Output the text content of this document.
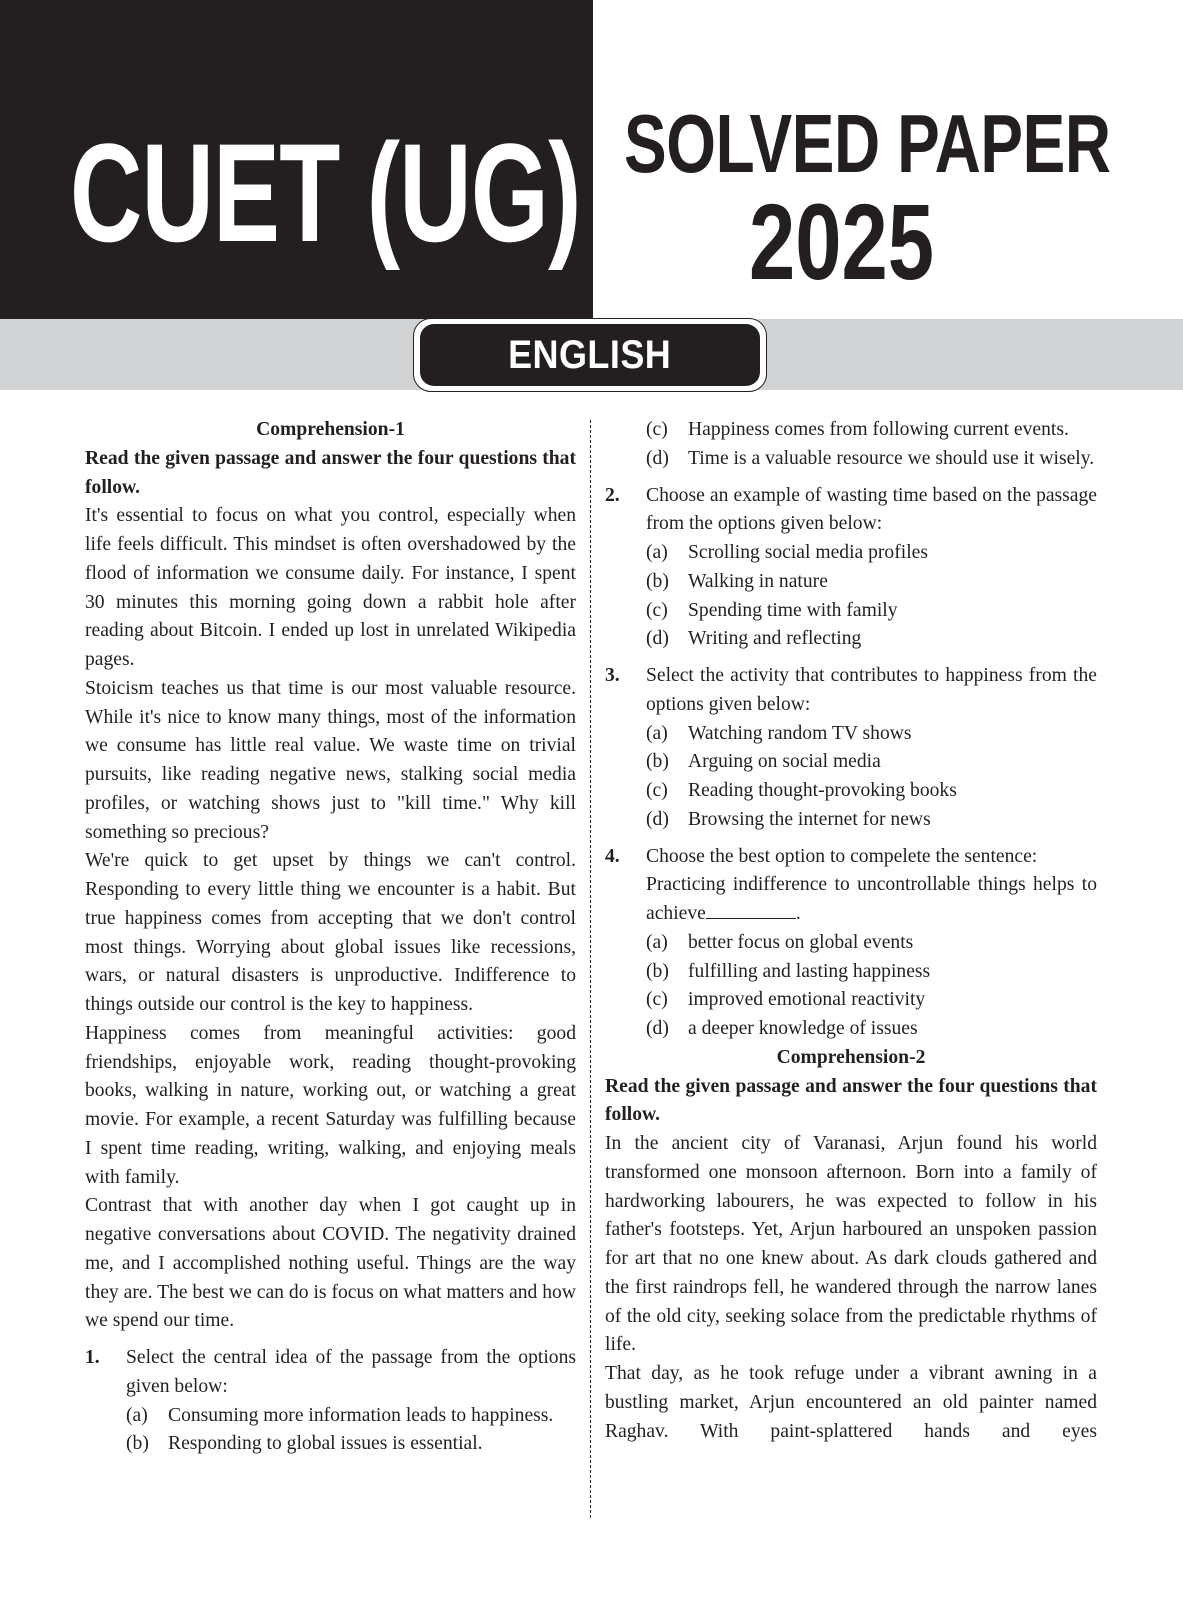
CUET (UG) SOLVED PAPER
2025
ENGLISH
Comprehension-1
Read the given passage and answer the four questions that follow.
It's essential to focus on what you control, especially when life feels difficult. This mindset is often overshadowed by the flood of information we consume daily. For instance, I spent 30 minutes this morning going down a rabbit hole after reading about Bitcoin. I ended up lost in unrelated Wikipedia pages.
Stoicism teaches us that time is our most valuable resource. While it's nice to know many things, most of the information we consume has little real value. We waste time on trivial pursuits, like reading negative news, stalking social media profiles, or watching shows just to "kill time." Why kill something so precious?
We're quick to get upset by things we can't control. Responding to every little thing we encounter is a habit. But true happiness comes from accepting that we don't control most things. Worrying about global issues like recessions, wars, or natural disasters is unproductive. Indifference to things outside our control is the key to happiness.
Happiness comes from meaningful activities: good friendships, enjoyable work, reading thought-provoking books, walking in nature, working out, or watching a great movie. For example, a recent Saturday was fulfilling because I spent time reading, writing, walking, and enjoying meals with family.
Contrast that with another day when I got caught up in negative conversations about COVID. The negativity drained me, and I accomplished nothing useful. Things are the way they are. The best we can do is focus on what matters and how we spend our time.
1.	Select the central idea of the passage from the options given below:
(a)	Consuming more information leads to happiness.
(b) Responding to global issues is essential.
(c)	Happiness comes from following current events.
(d) Time is a valuable resource we should use it wisely.
2.	Choose an example of wasting time based on the passage from the options given below:
(a)	Scrolling social media profiles
(b) Walking in nature
(c)	Spending time with family
(d) Writing and reflecting
3.	Select the activity that contributes to happiness from the options given below:
(a)	Watching random TV shows
(b) Arguing on social media
(c)	Reading thought-provoking books
(d) Browsing the internet for news
4.	Choose the best option to compelete the sentence:
Practicing indifference to uncontrollable things helps to achieve	.
(a)	better focus on global events
(b) fulfilling and lasting happiness
(c)	improved emotional reactivity
(d) a deeper knowledge of issues
Comprehension-2
Read the given passage and answer the four questions that follow.
In the ancient city of Varanasi, Arjun found his world transformed one monsoon afternoon. Born into a family of hardworking labourers, he was expected to follow in his father's footsteps. Yet, Arjun harboured an unspoken passion for art that no one knew about. As dark clouds gathered and the first raindrops fell, he wandered through the narrow lanes of the old city, seeking solace from the predictable rhythms of life.
That day, as he took refuge under a vibrant awning in a bustling market, Arjun encountered an old painter named Raghav. With paint-splattered hands and eyes
